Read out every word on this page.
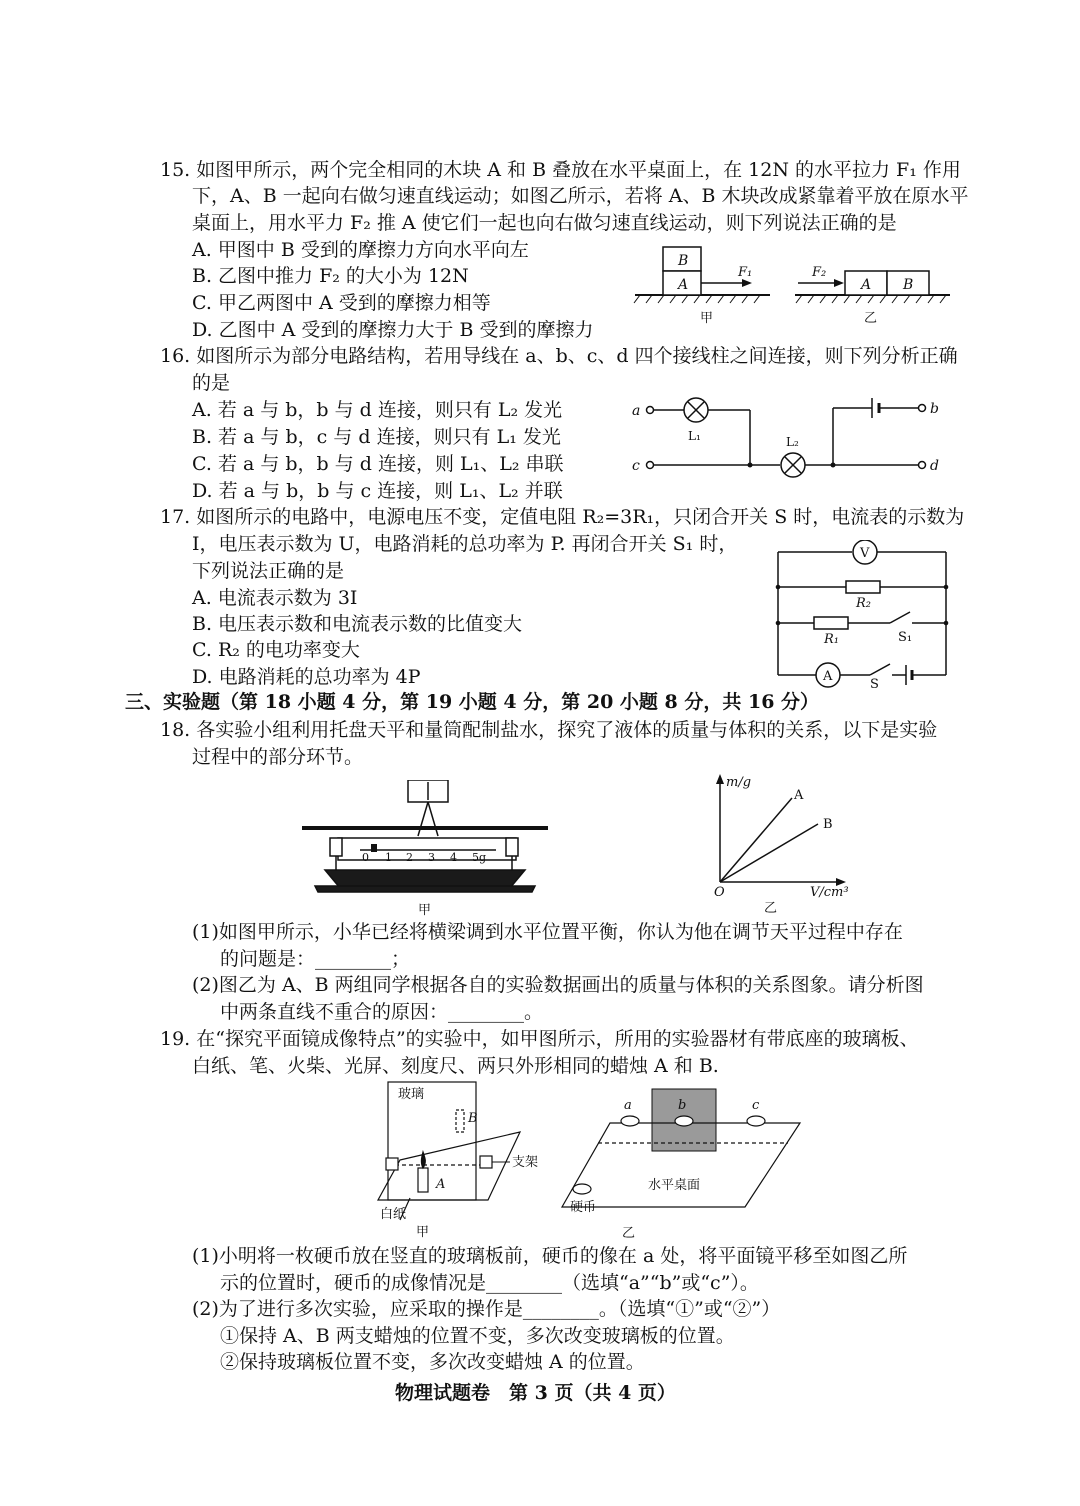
15. 如图甲所示，两个完全相同的木块 A 和 B 叠放在水平桌面上，在 12N 的水平拉力 F₁ 作用
下，A、B 一起向右做匀速直线运动；如图乙所示，若将 A、B 木块改成紧靠着平放在原水平
桌面上，用水平力 F₂ 推 A 使它们一起也向右做匀速直线运动，则下列说法正确的是
A. 甲图中 B 受到的摩擦力方向水平向左
B. 乙图中推力 F₂ 的大小为 12N
C. 甲乙两图中 A 受到的摩擦力相等
D. 乙图中 A 受到的摩擦力大于 B 受到的摩擦力
B
A
F₁
甲
A B
F₂
乙
16. 如图所示为部分电路结构，若用导线在 a、b、c、d 四个接线柱之间连接，则下列分析正确
的是
A. 若 a 与 b，b 与 d 连接，则只有 L₂ 发光
B. 若 a 与 b，c 与 d 连接，则只有 L₁ 发光
C. 若 a 与 b，b 与 d 连接，则 L₁、L₂ 串联
D. 若 a 与 b，b 与 c 连接，则 L₁、L₂ 并联
a	b
c	d
L₁	L₂
17. 如图所示的电路中，电源电压不变，定值电阻 R₂=3R₁，只闭合开关 S 时，电流表的示数为
I，电压表示数为 U，电路消耗的总功率为 P. 再闭合开关 S₁ 时，
下列说法正确的是
A. 电流表示数为 3I
B. 电压表示数和电流表示数的比值变大
C. R₂ 的电功率变大
D. 电路消耗的总功率为 4P
V
R₂
R₁	S₁
A
S
三、实验题（第 18 小题 4 分，第 19 小题 4 分，第 20 小题 8 分，共 16 分）
18. 各实验小组利用托盘天平和量筒配制盐水，探究了液体的质量与体积的关系，以下是实验
过程中的部分环节。
0 1 2 3 4 5g
甲
m/g
V/cm³
O
A
B
乙
(1)如图甲所示，小华已经将横梁调到水平位置平衡，你认为他在调节天平过程中存在
的问题是：________；
(2)图乙为 A、B 两组同学根据各自的实验数据画出的质量与体积的关系图象。请分析图
中两条直线不重合的原因：________。
19. 在“探究平面镜成像特点”的实验中，如甲图所示，所用的实验器材有带底座的玻璃板、
白纸、笔、火柴、光屏、刻度尺、两只外形相同的蜡烛 A 和 B.
玻璃
B
A
支架
白纸
甲
a	b	c
水平桌面
硬币
乙
(1)小明将一枚硬币放在竖直的玻璃板前，硬币的像在 a 处，将平面镜平移至如图乙所
示的位置时，硬币的成像情况是________（选填“a”“b”或“c”）。
(2)为了进行多次实验，应采取的操作是________。（选填“①”或“②”）
①保持 A、B 两支蜡烛的位置不变，多次改变玻璃板的位置。
②保持玻璃板位置不变，多次改变蜡烛 A 的位置。
物理试题卷　第 3 页（共 4 页）
